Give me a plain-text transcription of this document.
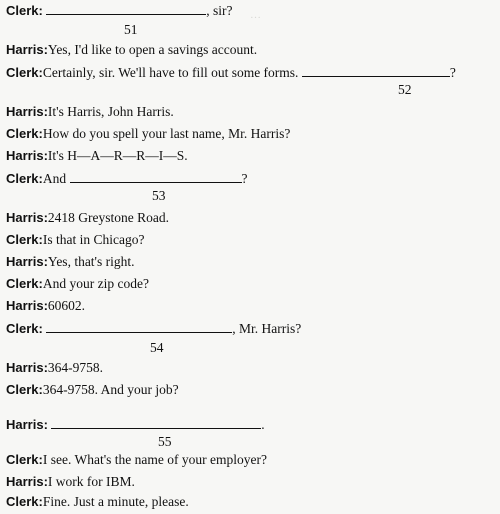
…
Clerk:	, sir?
51
Harris:Yes, I'd like to open a savings account.
Clerk:Certainly, sir. We'll have to fill out some forms.	?
52
Harris:It's Harris, John Harris.
Clerk:How do you spell your last name, Mr. Harris?
Harris:It's H—A—R—R—I—S.
Clerk:And	?
53
Harris:2418 Greystone Road.
Clerk:Is that in Chicago?
Harris:Yes, that's right.
Clerk:And your zip code?
Harris:60602.
Clerk:	, Mr. Harris?
54
Harris:364-9758.
Clerk:364-9758. And your job?
Harris:	.
55
Clerk:I see. What's the name of your employer?
Harris:I work for IBM.
Clerk:Fine. Just a minute, please.
